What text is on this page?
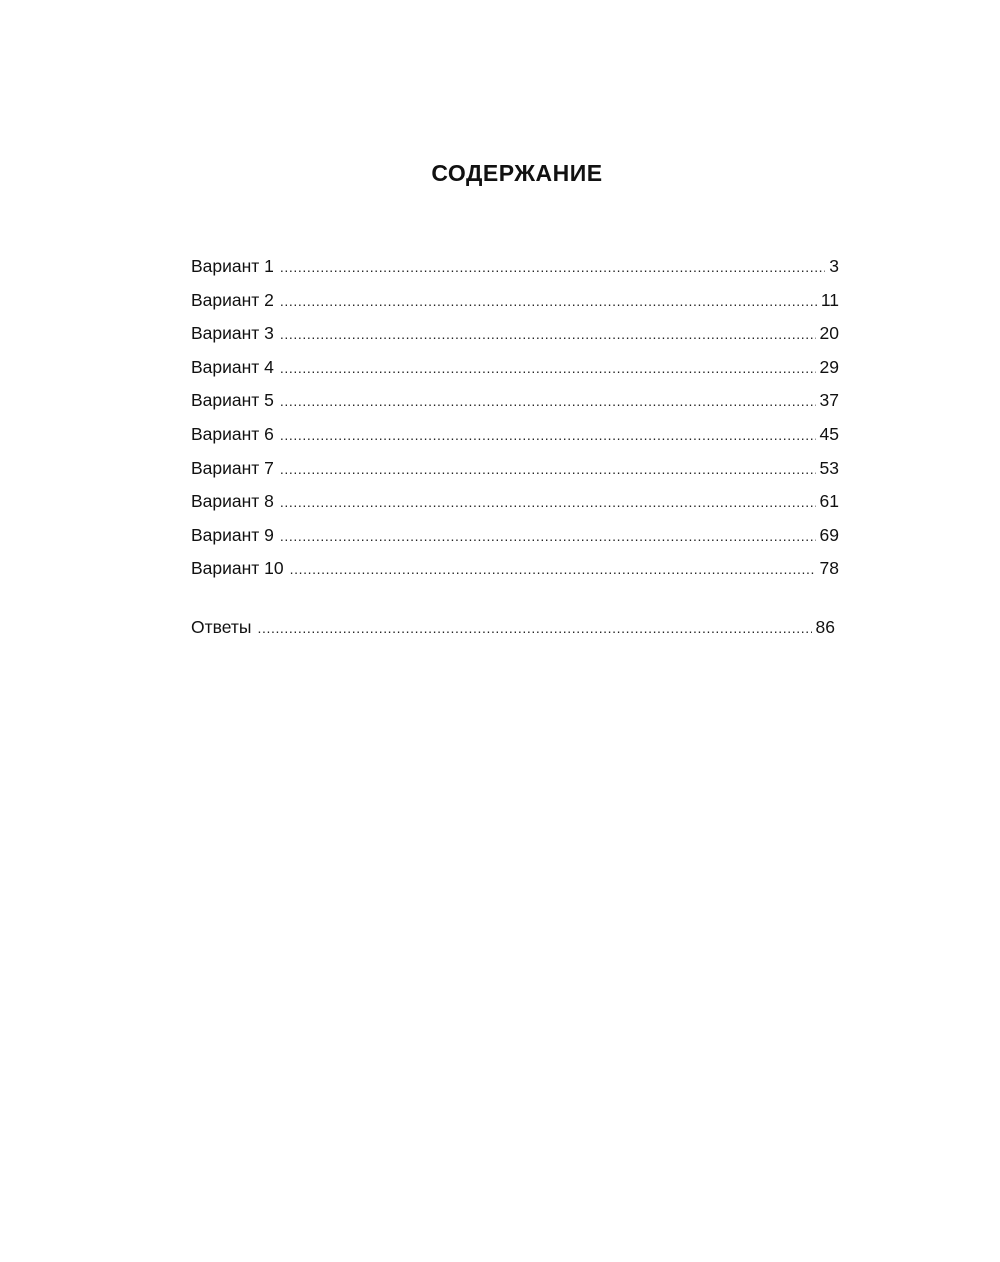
СОДЕРЖАНИЕ
Вариант 1 .....	3
Вариант 2 .....	11
Вариант 3 .....	20
Вариант 4 .....	29
Вариант 5 .....	37
Вариант 6 .....	45
Вариант 7 .....	53
Вариант 8 .....	61
Вариант 9 .....	69
Вариант 10 .....	78
Ответы .....	86
